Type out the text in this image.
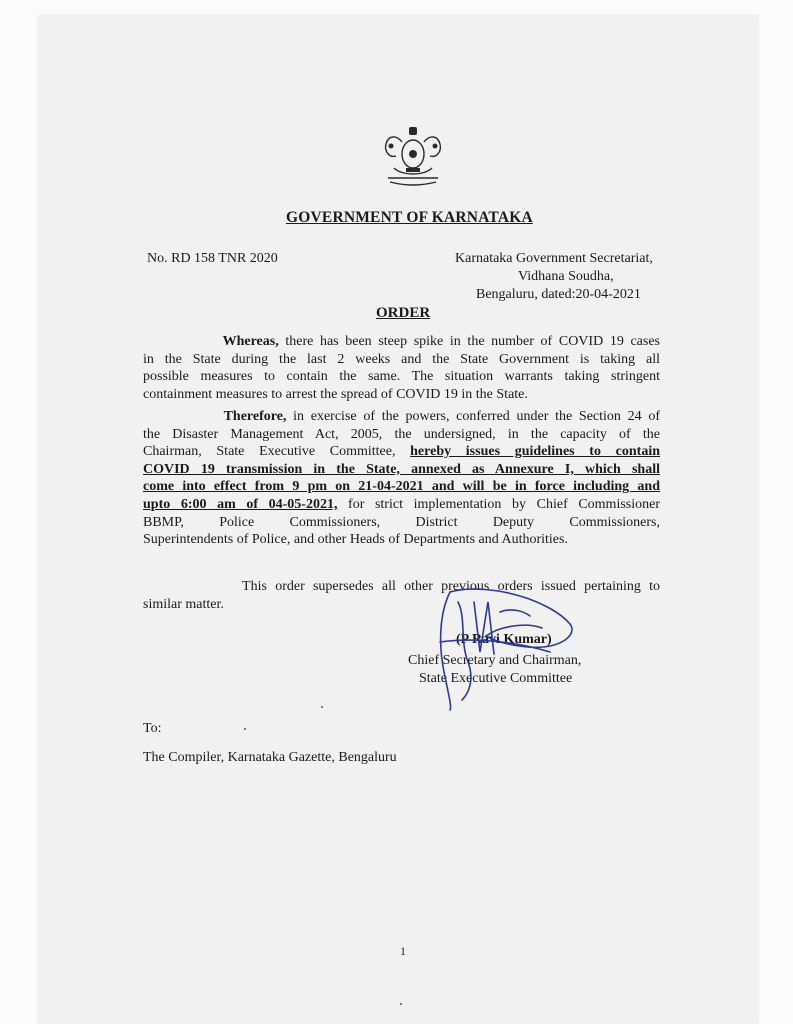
GOVERNMENT OF KARNATAKA
No. RD 158 TNR 2020	Karnataka Government Secretariat,
Vidhana Soudha,
Bengaluru, dated:20-04-2021
ORDER
Whereas, there has been steep spike in the number of COVID 19 cases
in the State during the last 2 weeks and the State Government is taking all
possible measures to contain the same. The situation warrants taking stringent
containment measures to arrest the spread of COVID 19 in the State.
Therefore, in exercise of the powers, conferred under the Section 24 of
the Disaster Management Act, 2005, the undersigned, in the capacity of the
Chairman, State Executive Committee, hereby issues guidelines to contain
COVID 19 transmission in the State, annexed as Annexure I, which shall
come into effect from 9 pm on 21-04-2021 and will be in force including and
upto 6:00 am of 04-05-2021, for strict implementation by Chief Commissioner
BBMP, Police Commissioners, District Deputy Commissioners,
Superintendents of Police, and other Heads of Departments and Authorities.
This order supersedes all other previous orders issued pertaining to
similar matter.
(P Ravi Kumar)
Chief Secretary and Chairman,
State Executive Committee
To:
The Compiler, Karnataka Gazette, Bengaluru
1
